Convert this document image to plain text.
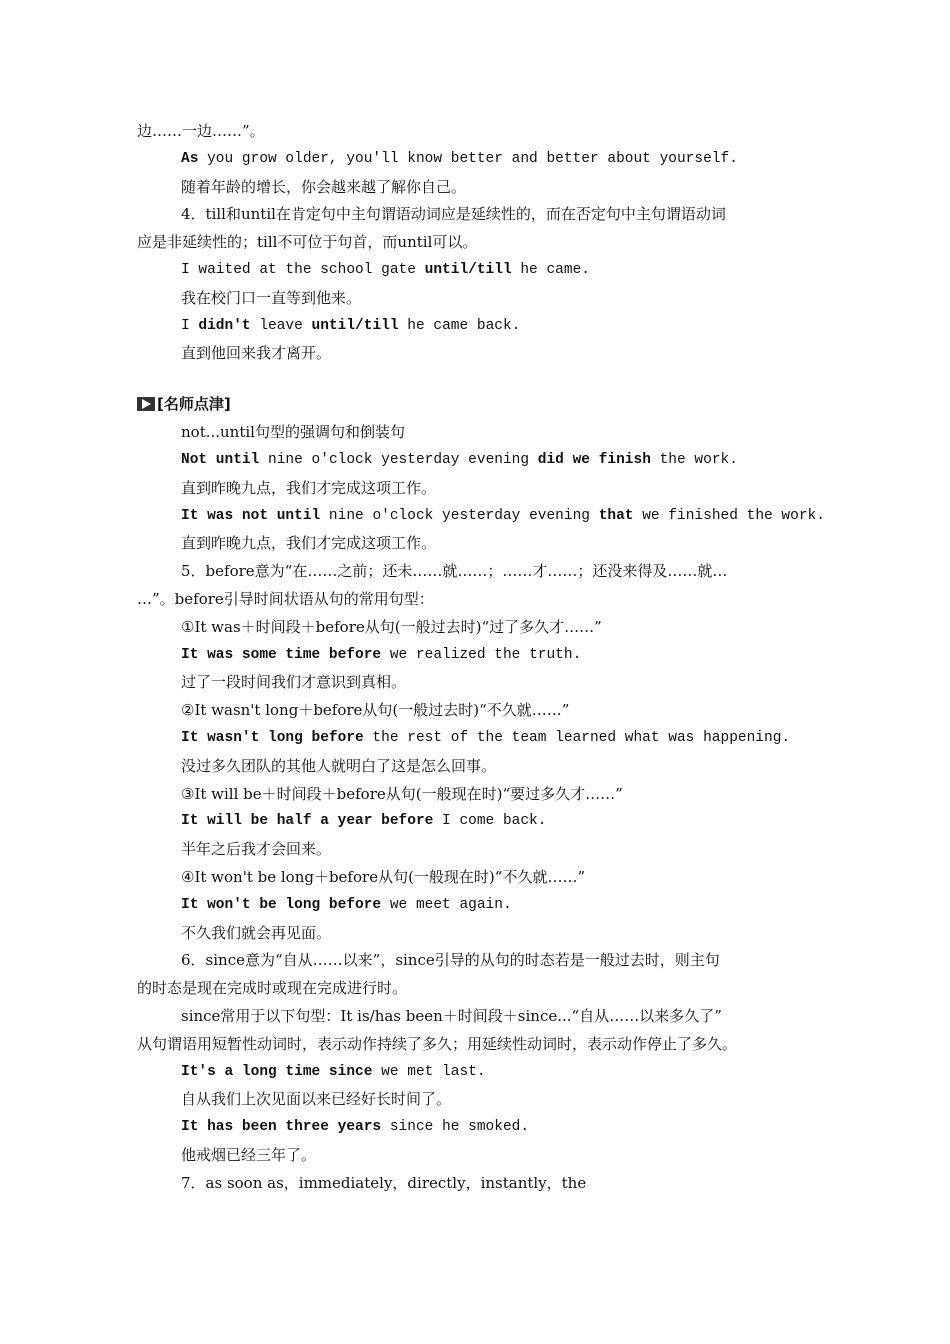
边……一边……”。
As you grow older, you'll know better and better about yourself.
随着年龄的增长，你会越来越了解你自己。
4．till和until在肯定句中主句谓语动词应是延续性的，而在否定句中主句谓语动词
应是非延续性的；till不可位于句首，而until可以。
I waited at the school gate until/till he came.
我在校门口一直等到他来。
I didn't leave until/till he came back.
直到他回来我才离开。
[名师点津]
not...until句型的强调句和倒装句
Not until nine o'clock yesterday evening did we finish the work.
直到昨晚九点，我们才完成这项工作。
It was not until nine o'clock yesterday evening that we finished the work.
直到昨晚九点，我们才完成这项工作。
5．before意为“在……之前；还未……就……；……才……；还没来得及……就…
…”。before引导时间状语从句的常用句型：
①It was＋时间段＋before从句(一般过去时)“过了多久才……”
It was some time before we realized the truth.
过了一段时间我们才意识到真相。
②It wasn't long＋before从句(一般过去时)“不久就……”
It wasn't long before the rest of the team learned what was happening.
没过多久团队的其他人就明白了这是怎么回事。
③It will be＋时间段＋before从句(一般现在时)“要过多久才……”
It will be half a year before I come back.
半年之后我才会回来。
④It won't be long＋before从句(一般现在时)“不久就……”
It won't be long before we meet again.
不久我们就会再见面。
6．since意为“自从……以来”，since引导的从句的时态若是一般过去时，则主句
的时态是现在完成时或现在完成进行时。
since常用于以下句型：It is/has been＋时间段＋since...“自从……以来多久了”
从句谓语用短暂性动词时，表示动作持续了多久；用延续性动词时，表示动作停止了多久。
It's a long time since we met last.
自从我们上次见面以来已经好长时间了。
It has been three years since he smoked.
他戒烟已经三年了。
7．as soon as，immediately，directly，instantly，the
